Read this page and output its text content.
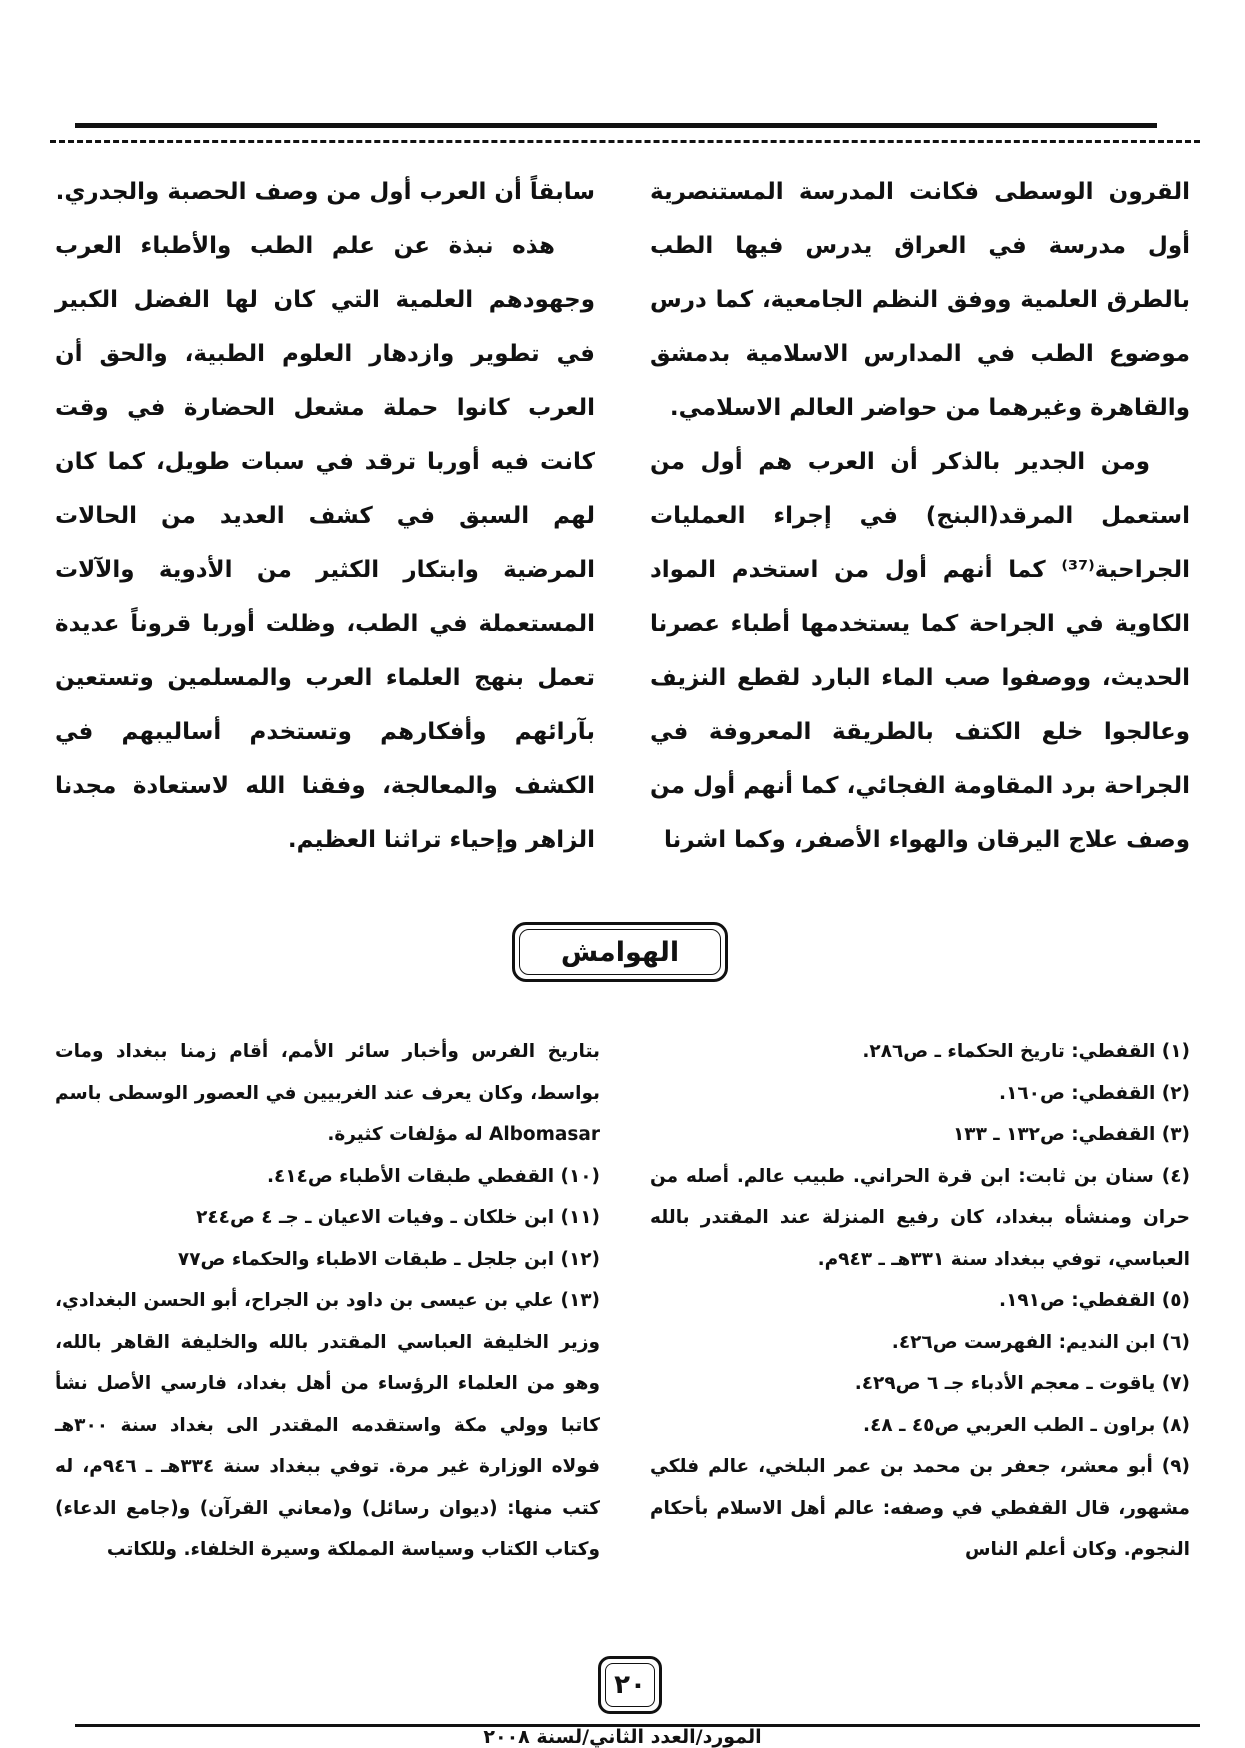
القرون الوسطى فكانت المدرسة المستنصرية أول مدرسة في العراق يدرس فيها الطب بالطرق العلمية ووفق النظم الجامعية، كما درس موضوع الطب في المدارس الاسلامية بدمشق والقاهرة وغيرهما من حواضر العالم الاسلامي.

ومن الجدير بالذكر أن العرب هم أول من استعمل المرقد(البنج) في إجراء العمليات الجراحية⁽³⁷⁾ كما أنهم أول من استخدم المواد الكاوية في الجراحة كما يستخدمها أطباء عصرنا الحديث، ووصفوا صب الماء البارد لقطع النزيف وعالجوا خلع الكتف بالطريقة المعروفة في الجراحة برد المقاومة الفجائي، كما أنهم أول من وصف علاج اليرقان والهواء الأصفر، وكما اشرنا

سابقاً أن العرب أول من وصف الحصبة والجدري.

هذه نبذة عن علم الطب والأطباء العرب وجهودهم العلمية التي كان لها الفضل الكبير في تطوير وازدهار العلوم الطبية، والحق أن العرب كانوا حملة مشعل الحضارة في وقت كانت فيه أوربا ترقد في سبات طويل، كما كان لهم السبق في كشف العديد من الحالات المرضية وابتكار الكثير من الأدوية والآلات المستعملة في الطب، وظلت أوربا قروناً عديدة تعمل بنهج العلماء العرب والمسلمين وتستعين بآرائهم وأفكارهم وتستخدم أساليبهم في الكشف والمعالجة، وفقنا الله لاستعادة مجدنا الزاهر وإحياء تراثنا العظيم.

الهوامش

(١) القفطي: تاريخ الحكماء ـ ص٢٨٦.

(٢) القفطي: ص١٦٠.

(٣) القفطي: ص١٣٢ ـ ١٣٣

(٤) سنان بن ثابت: ابن قرة الحراني. طبيب عالم. أصله من حران ومنشأه ببغداد، كان رفيع المنزلة عند المقتدر بالله العباسي، توفي ببغداد سنة ٣٣١هـ ـ ٩٤٣م.

(٥) القفطي: ص١٩١.

(٦) ابن النديم: الفهرست ص٤٢٦.

(٧) ياقوت ـ معجم الأدباء جـ ٦ ص٤٢٩.

(٨) براون ـ الطب العربي ص٤٥ ـ ٤٨.

(٩) أبو معشر، جعفر بن محمد بن عمر البلخي، عالم فلكي مشهور، قال القفطي في وصفه: عالم أهل الاسلام بأحكام النجوم. وكان أعلم الناس

بتاريخ الفرس وأخبار سائر الأمم، أقام زمنا ببغداد ومات بواسط، وكان يعرف عند الغربيين في العصور الوسطى باسم Albomasar له مؤلفات كثيرة.

(١٠) القفطي طبقات الأطباء ص٤١٤.

(١١) ابن خلكان ـ وفيات الاعيان ـ جـ ٤ ص٢٤٤

(١٢) ابن جلجل ـ طبقات الاطباء والحكماء ص٧٧

(١٣) علي بن عيسى بن داود بن الجراح، أبو الحسن البغدادي، وزير الخليفة العباسي المقتدر بالله والخليفة القاهر بالله، وهو من العلماء الرؤساء من أهل بغداد، فارسي الأصل نشأ كاتبا وولي مكة واستقدمه المقتدر الى بغداد سنة ٣٠٠هـ فولاه الوزارة غير مرة. توفي ببغداد سنة ٣٣٤هـ ـ ٩٤٦م، له كتب منها: (ديوان رسائل) و(معاني القرآن) و(جامع الدعاء) وكتاب الكتاب وسياسة المملكة وسيرة الخلفاء. وللكاتب

٢٠
المورد/العدد الثاني/لسنة ٢٠٠٨
